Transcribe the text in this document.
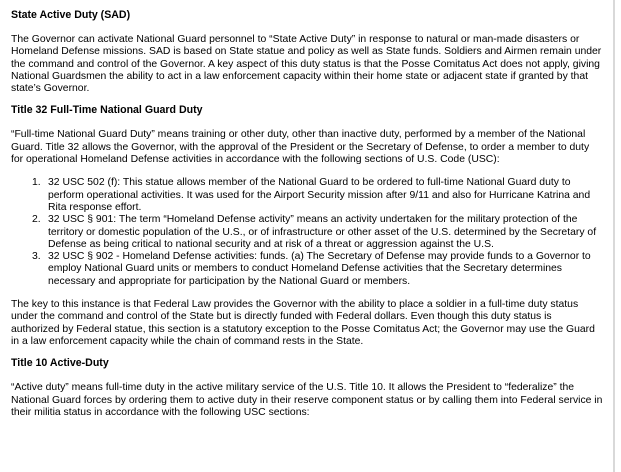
State Active Duty (SAD)

The Governor can activate National Guard personnel to “State Active Duty” in response to natural or man-made disasters or Homeland Defense missions. SAD is based on State statue and policy as well as State funds. Soldiers and Airmen remain under the command and control of the Governor. A key aspect of this duty status is that the Posse Comitatus Act does not apply, giving National Guardsmen the ability to act in a law enforcement capacity within their home state or adjacent state if granted by that state’s Governor.

Title 32 Full-Time National Guard Duty

“Full-time National Guard Duty” means training or other duty, other than inactive duty, performed by a member of the National Guard. Title 32 allows the Governor, with the approval of the President or the Secretary of Defense, to order a member to duty for operational Homeland Defense activities in accordance with the following sections of U.S. Code (USC):

1. 32 USC 502 (f): This statue allows member of the National Guard to be ordered to full-time National Guard duty to perform operational activities. It was used for the Airport Security mission after 9/11 and also for Hurricane Katrina and Rita response effort.
2. 32 USC § 901: The term “Homeland Defense activity” means an activity undertaken for the military protection of the territory or domestic population of the U.S., or of infrastructure or other asset of the U.S. determined by the Secretary of Defense as being critical to national security and at risk of a threat or aggression against the U.S.
3. 32 USC § 902 - Homeland Defense activities: funds. (a) The Secretary of Defense may provide funds to a Governor to employ National Guard units or members to conduct Homeland Defense activities that the Secretary determines necessary and appropriate for participation by the National Guard or members.

The key to this instance is that Federal Law provides the Governor with the ability to place a soldier in a full-time duty status under the command and control of the State but is directly funded with Federal dollars. Even though this duty status is authorized by Federal statue, this section is a statutory exception to the Posse Comitatus Act; the Governor may use the Guard in a law enforcement capacity while the chain of command rests in the State.

Title 10 Active-Duty

“Active duty” means full-time duty in the active military service of the U.S. Title 10. It allows the President to “federalize” the National Guard forces by ordering them to active duty in their reserve component status or by calling them into Federal service in their militia status in accordance with the following USC sections:
